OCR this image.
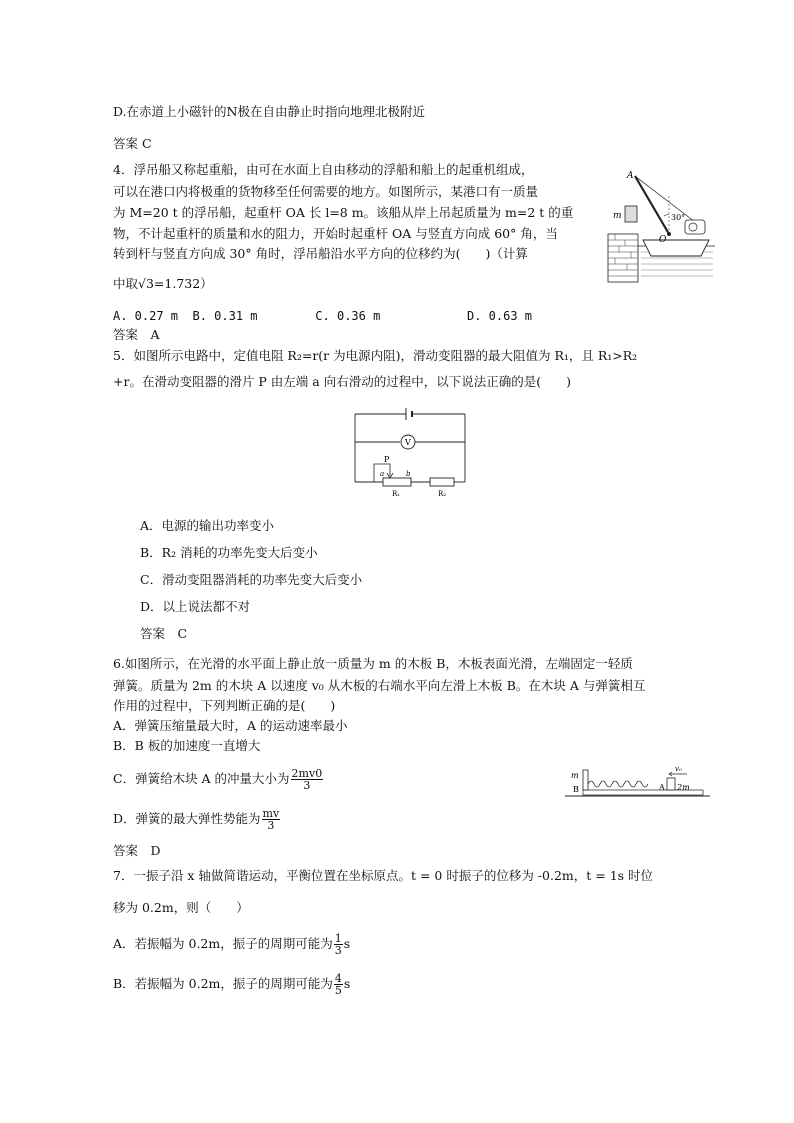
D.在赤道上小磁针的N极在自由静止时指向地理北极附近
答案 C
4．浮吊船又称起重船，由可在水面上自由移动的浮船和船上的起重机组成，
可以在港口内将极重的货物移至任何需要的地方。如图所示，某港口有一质量
为 M=20 t 的浮吊船，起重杆 OA 长 l=8 m。该船从岸上吊起质量为 m=2 t 的重
物，不计起重杆的质量和水的阻力，开始时起重杆 OA 与竖直方向成 60° 角，当
转到杆与竖直方向成 30° 角时，浮吊船沿水平方向的位移约为(　　)（计算
中取√3=1.732）
A. 0.27 m  B. 0.31 m        C. 0.36 m            D. 0.63 m
答案　A
A
m
O
30°
5．如图所示电路中，定值电阻 R₂=r(r 为电源内阻)，滑动变阻器的最大阻值为 R₁，且 R₁>R₂
+r。在滑动变阻器的滑片 P 由左端 a 向右滑动的过程中，以下说法正确的是(　　)
V
P
a	b
R₁	R₂
A．电源的输出功率变小
B．R₂ 消耗的功率先变大后变小
C．滑动变阻器消耗的功率先变大后变小
D．以上说法都不对
答案　C
6.如图所示，在光滑的水平面上静止放一质量为 m 的木板 B，木板表面光滑，左端固定一轻质
弹簧。质量为 2m 的木块 A 以速度 v₀ 从木板的右端水平向左滑上木板 B。在木块 A 与弹簧相互
作用的过程中，下列判断正确的是(　　)
A．弹簧压缩量最大时，A 的运动速率最小
B．B 板的加速度一直增大
C．弹簧给木块 A 的冲量大小为 $\frac{2mv0}{3}$	m
B	A 2m
v₀
D．弹簧的最大弹性势能为 $\frac{mv}{3}$
答案　D
7．一振子沿 x 轴做简谐运动，平衡位置在坐标原点。t = 0 时振子的位移为 -0.2m，t = 1s 时位
移为 0.2m，则（　　）
A．若振幅为 0.2m，振子的周期可能为 $\frac{1}{3}$ s
B．若振幅为 0.2m，振子的周期可能为 $\frac{4}{5}$ s
